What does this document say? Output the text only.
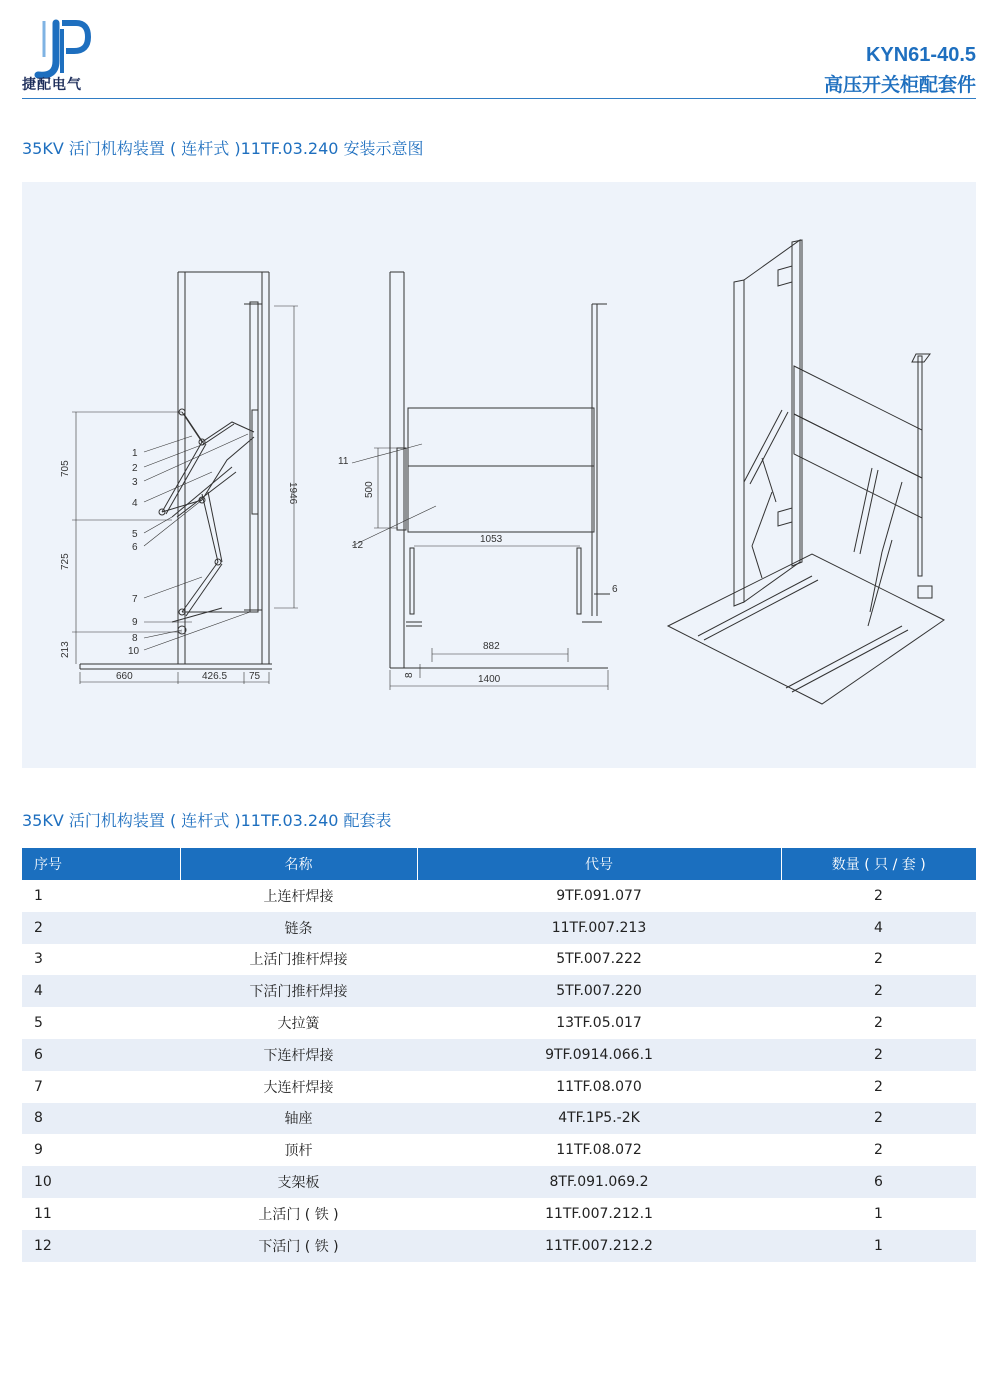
捷配电气
KYN61-40.5
高压开关柜配套件
35KV 活门机构装置 ( 连杆式 )11TF.03.240 安装示意图
1
2
3
4
5
6
7
9
8
10
705
725
213
1946
660	426.5 75
11
12
500
1053
6
882
8	1400
35KV 活门机构装置 ( 连杆式 )11TF.03.240 配套表
序号	名称	代号	数量 ( 只 / 套 )
1	上连杆焊接	9TF.091.077	2
2	链条	11TF.007.213	4
3	上活门推杆焊接	5TF.007.222	2
4	下活门推杆焊接	5TF.007.220	2
5	大拉簧	13TF.05.017	2
6	下连杆焊接	9TF.0914.066.1	2
7	大连杆焊接	11TF.08.070	2
8	轴座	4TF.1P5.-2K	2
9	顶杆	11TF.08.072	2
10	支架板	8TF.091.069.2	6
11	上活门 ( 铁 )	11TF.007.212.1	1
12	下活门 ( 铁 )	11TF.007.212.2	1
